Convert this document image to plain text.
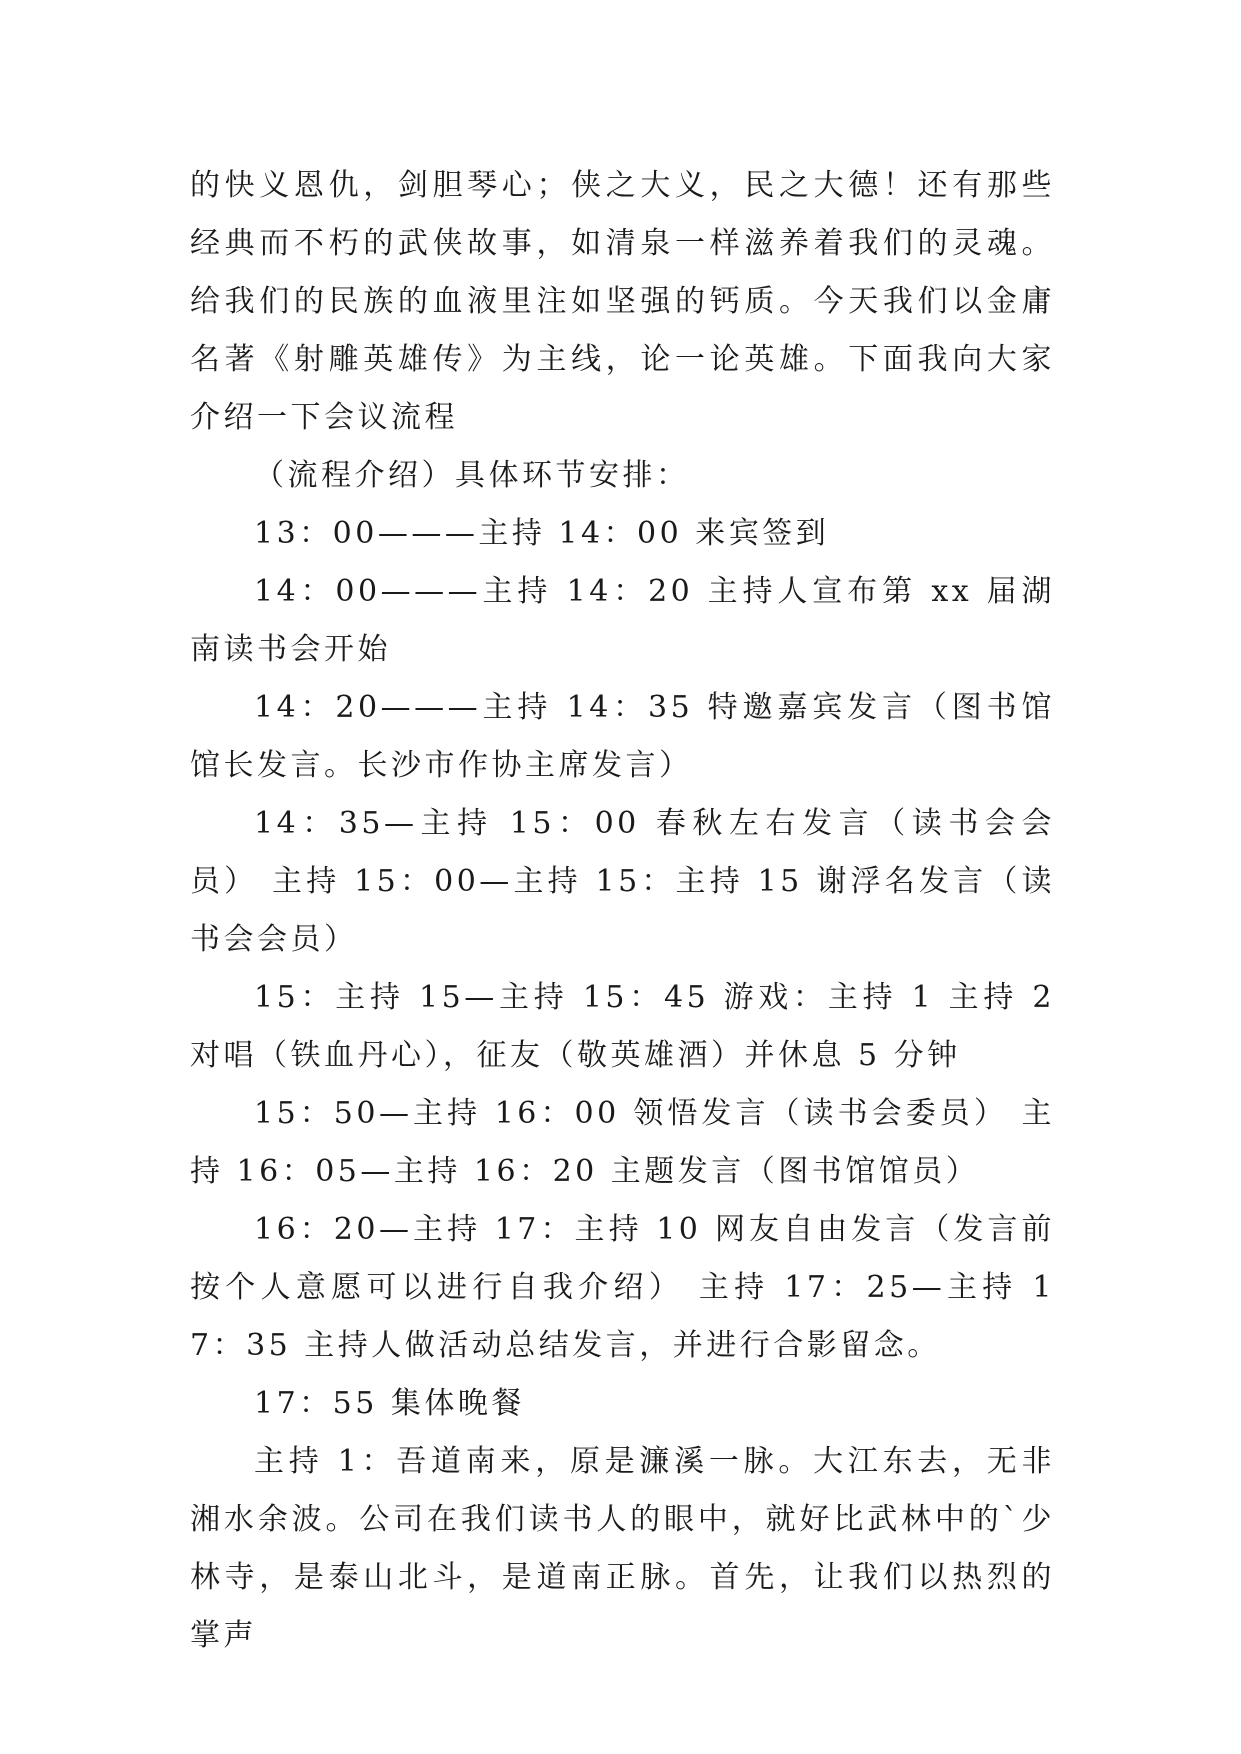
的快义恩仇，剑胆琴心；侠之大义，民之大德！还有那些经典而不朽的武侠故事，如清泉一样滋养着我们的灵魂。给我们的民族的血液里注如坚强的钙质。今天我们以金庸名著《射雕英雄传》为主线，论一论英雄。下面我向大家介绍一下会议流程

（流程介绍）具体环节安排：

13：00———主持 14：00 来宾签到

14：00———主持 14：20 主持人宣布第 xx 届湖南读书会开始

14：20———主持 14：35 特邀嘉宾发言（图书馆馆长发言。长沙市作协主席发言）

14：35—主持 15：00 春秋左右发言（读书会会员） 主持 15：00—主持 15：主持 15 谢浮名发言（读书会会员）

15：主持 15—主持 15：45 游戏：主持 1 主持 2 对唱（铁血丹心），征友（敬英雄酒）并休息 5 分钟

15：50—主持 16：00 领悟发言（读书会委员） 主持 16：05—主持 16：20 主题发言（图书馆馆员）

16：20—主持 17：主持 10 网友自由发言（发言前按个人意愿可以进行自我介绍） 主持 17：25—主持 17：35 主持人做活动总结发言，并进行合影留念。

17：55 集体晚餐

主持 1：吾道南来，原是濂溪一脉。大江东去，无非湘水余波。公司在我们读书人的眼中，就好比武林中的`少林寺，是泰山北斗，是道南正脉。首先，让我们以热烈的掌声
